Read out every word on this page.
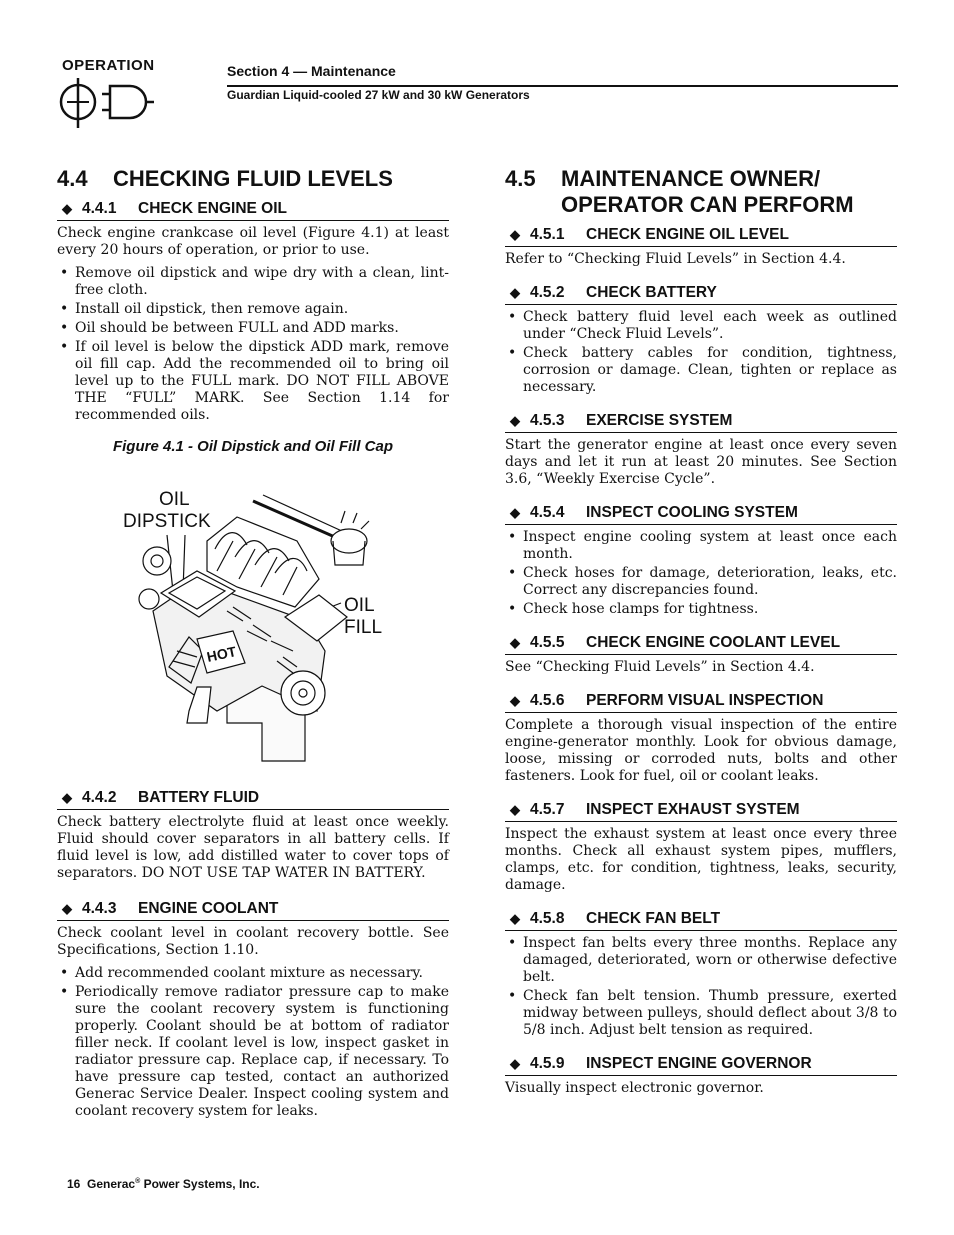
OPERATION	Section 4 — Maintenance
Guardian Liquid-cooled 27 kW and 30 kW Generators
4.4	CHECKING FLUID LEVELS
◆ 4.4.1	CHECK ENGINE OIL

Check engine crankcase oil level (Figure 4.1) at least every 20 hours of operation, or prior to use.

• Remove oil dipstick and wipe dry with a clean, lint-free cloth.
• Install oil dipstick, then remove again.
• Oil should be between FULL and ADD marks.
• If oil level is below the dipstick ADD mark, remove oil fill cap. Add the recommended oil to bring oil level up to the FULL mark. DO NOT FILL ABOVE THE “FULL” MARK. See Section 1.14 for recommended oils.
Figure 4.1 - Oil Dipstick and Oil Fill Cap
OIL
DIPSTICK
OIL
FILL
HOT
◆ 4.4.2	BATTERY FLUID

Check battery electrolyte fluid at least once weekly. Fluid should cover separators in all battery cells. If fluid level is low, add distilled water to cover tops of separators. DO NOT USE TAP WATER IN BATTERY.

◆ 4.4.3	ENGINE COOLANT

Check coolant level in coolant recovery bottle. See Specifications, Section 1.10.

• Add recommended coolant mixture as necessary.
• Periodically remove radiator pressure cap to make sure the coolant recovery system is functioning properly. Coolant should be at bottom of radiator filler neck. If coolant level is low, inspect gasket in radiator pressure cap. Replace cap, if necessary. To have pressure cap tested, contact an authorized Generac Service Dealer. Inspect cooling system and coolant recovery system for leaks.
4.5	MAINTENANCE OWNER/
OPERATOR CAN PERFORM
◆ 4.5.1	CHECK ENGINE OIL LEVEL

Refer to “Checking Fluid Levels” in Section 4.4.

◆ 4.5.2	CHECK BATTERY
• Check battery fluid level each week as outlined under “Check Fluid Levels”.
• Check battery cables for condition, tightness, corrosion or damage. Clean, tighten or replace as necessary.
◆ 4.5.3	EXERCISE SYSTEM

Start the generator engine at least once every seven days and let it run at least 20 minutes. See Section 3.6, “Weekly Exercise Cycle”.

◆ 4.5.4	INSPECT COOLING SYSTEM
• Inspect engine cooling system at least once each month.
• Check hoses for damage, deterioration, leaks, etc. Correct any discrepancies found.
• Check hose clamps for tightness.
◆ 4.5.5	CHECK ENGINE COOLANT LEVEL

See “Checking Fluid Levels” in Section 4.4.

◆ 4.5.6	PERFORM VISUAL INSPECTION

Complete a thorough visual inspection of the entire engine-generator monthly. Look for obvious damage, loose, missing or corroded nuts, bolts and other fasteners. Look for fuel, oil or coolant leaks.

◆ 4.5.7	INSPECT EXHAUST SYSTEM

Inspect the exhaust system at least once every three months. Check all exhaust system pipes, mufflers, clamps, etc. for condition, tightness, leaks, security, damage.

◆ 4.5.8	CHECK FAN BELT
• Inspect fan belts every three months. Replace any damaged, deteriorated, worn or otherwise defective belt.
• Check fan belt tension. Thumb pressure, exerted midway between pulleys, should deflect about 3/8 to 5/8 inch. Adjust belt tension as required.
◆ 4.5.9	INSPECT ENGINE GOVERNOR

Visually inspect electronic governor.

16 Generac® Power Systems, Inc.
